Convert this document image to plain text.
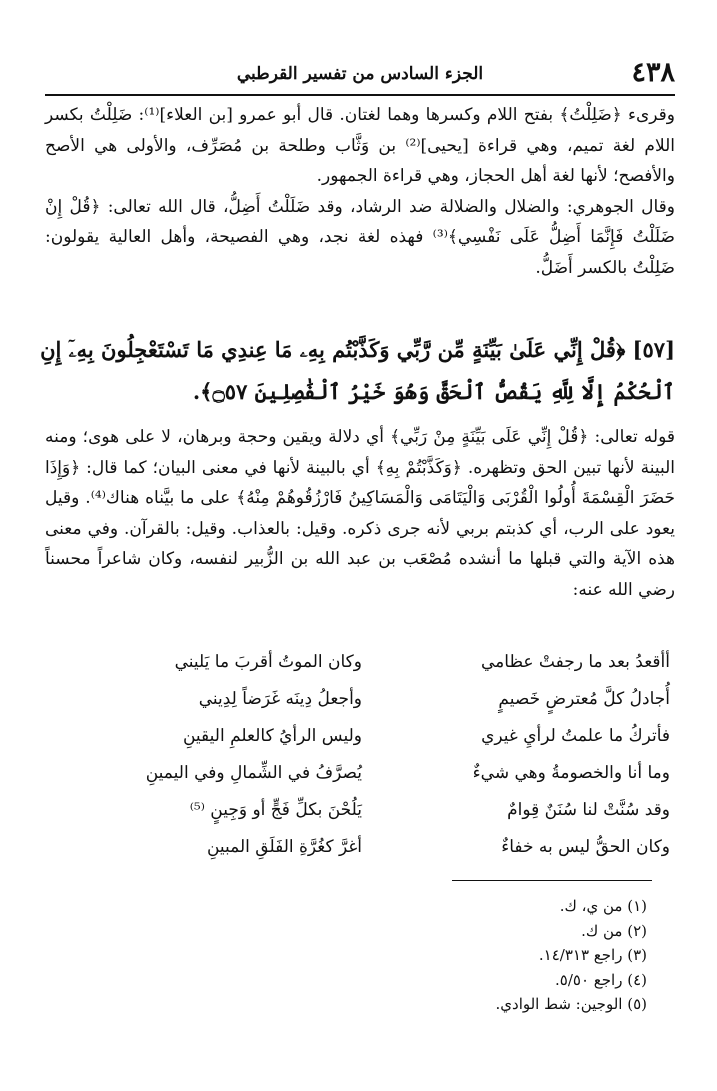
٤٣٨
الجزء السادس من تفسير القرطبي

وقرىء ﴿ضَلِلْتُ﴾ بفتح اللام وكسرها وهما لغتان. قال أبو عمرو [بن العلاء]⁽¹⁾: ضَلِلْتُ بكسر اللام لغة تميم، وهي قراءة [يحيى]⁽²⁾ بن وَثَّاب وطلحة بن مُصَرِّف، والأولى هي الأصح والأفصح؛ لأنها لغة أهل الحجاز، وهي قراءة الجمهور.

وقال الجوهري: والضلال والضلالة ضد الرشاد، وقد ضَلَلْتُ أَضِلُّ، قال الله تعالى: ﴿قُلْ إِنْ ضَلَلْتُ فَإِنَّمَا أَضِلُّ عَلَى نَفْسِي﴾⁽³⁾ فهذه لغة نجد، وهي الفصيحة، وأهل العالية يقولون: ضَلِلْتُ بالكسر أَضَلُّ.

[٥٧] ﴿قُلْ إِنِّي عَلَىٰ بَيِّنَةٍ مِّن رَّبِّي وَكَذَّبْتُم بِهِۦ مَا عِندِي مَا تَسْتَعْجِلُونَ بِهِۦٓ إِنِ
ٱلْحُكْمُ إِلَّا لِلَّهِ يَقُصُّ ٱلْحَقَّ وَهُوَ خَيْرُ ٱلْفَٰصِلِينَ ۝٥٧﴾.

قوله تعالى: ﴿قُلْ إِنِّي عَلَى بَيِّنَةٍ مِنْ رَبِّي﴾ أي دلالة ويقين وحجة وبرهان، لا على هوى؛ ومنه البينة لأنها تبين الحق وتظهره. ﴿وَكَذَّبْتُمْ بِهِ﴾ أي بالبينة لأنها في معنى البيان؛ كما قال: ﴿وَإِذَا حَضَرَ الْقِسْمَةَ أُولُوا الْقُرْبَى وَالْيَتَامَى وَالْمَسَاكِينُ فَارْزُقُوهُمْ مِنْهُ﴾ على ما بيَّناه هناك⁽⁴⁾. وقيل يعود على الرب، أي كذبتم بربي لأنه جرى ذكره. وقيل: بالعذاب. وقيل: بالقرآن. وفي معنى هذه الآية والتي قبلها ما أنشده مُصْعَب بن عبد الله بن الزُّبير لنفسه، وكان شاعراً محسناً رضي الله عنه:

أأقعدُ بعد ما رجفتْ عظامي
وكان الموتُ أقربَ ما يَليني
أُجادلُ كلَّ مُعترضٍ خَصيمٍ
وأجعلُ دِينَه غَرَضاً لِدِيني
فأتركُ ما علمتُ لرأيِ غيري
وليس الرأيُ كالعلمِ اليقينِ
وما أنا والخصومةُ وهي شيءٌ
يُصرَّفُ في الشِّمالِ وفي اليمينِ
وقد سُنَّتْ لنا سُنَنٌ قِوامٌ
يَلُحْنَ بكلِّ فَجٍّ أو وَجِينٍ ⁽⁵⁾
وكان الحقُّ ليس به خفاءٌ
أغرَّ كغُرَّةِ الفَلَقِ المبينِ
(١) من ي، ك.
(٢) من ك.
(٣) راجع ١٤/٣١٣.
(٤) راجع ٥/٥٠.
(٥) الوجين: شط الوادي.
